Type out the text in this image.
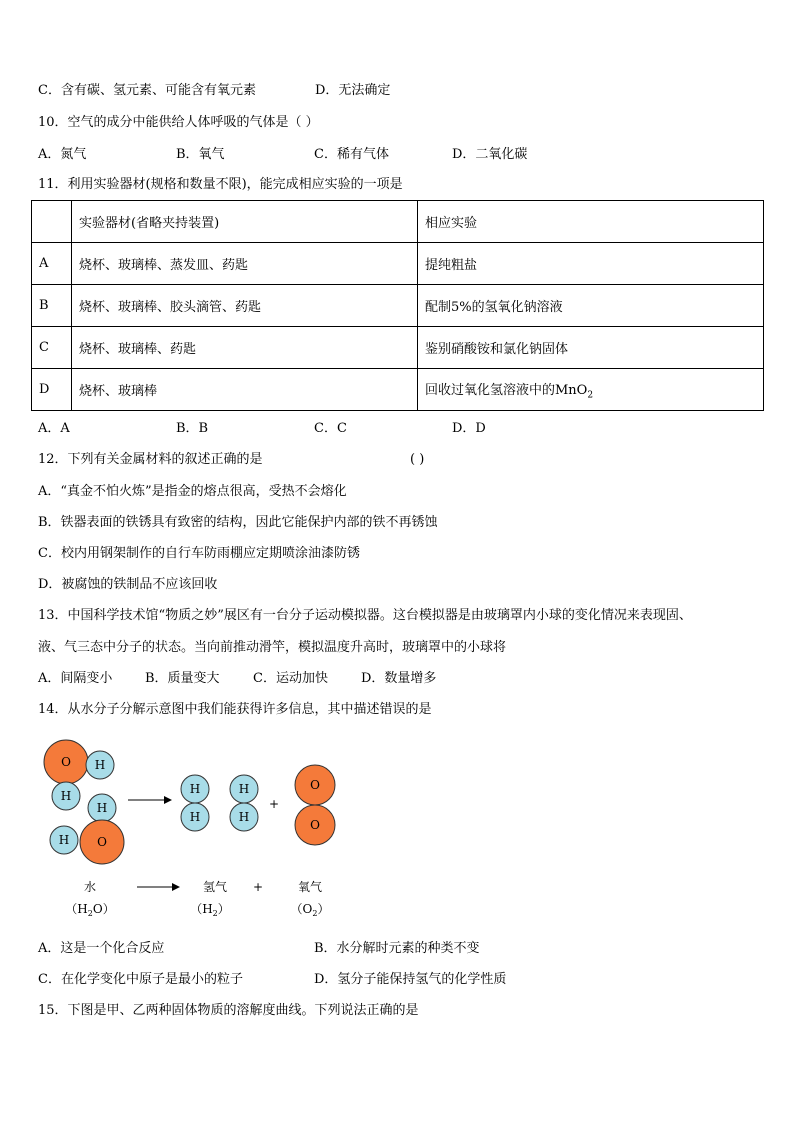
C．含有碳、氢元素、可能含有氧元素	D．无法确定
10．空气的成分中能供给人体呼吸的气体是（ ）
A．氮气	B．氧气	C．稀有气体	D．二氧化碳
11．利用实验器材(规格和数量不限)，能完成相应实验的一项是
	实验器材(省略夹持装置)	相应实验
A	烧杯、玻璃棒、蒸发皿、药匙	提纯粗盐
B	烧杯、玻璃棒、胶头滴管、药匙	配制5%的氢氧化钠溶液
C	烧杯、玻璃棒、药匙	鉴别硝酸铵和氯化钠固体
D	烧杯、玻璃棒	回收过氧化氢溶液中的MnO$_2$
A．A	B．B	C．C	D．D
12．下列有关金属材料的叙述正确的是	( )
A．“真金不怕火炼”是指金的熔点很高，受热不会熔化
B．铁器表面的铁锈具有致密的结构，因此它能保护内部的铁不再锈蚀
C．校内用钢架制作的自行车防雨棚应定期喷涂油漆防锈
D．被腐蚀的铁制品不应该回收
13．中国科学技术馆“物质之妙”展区有一台分子运动模拟器。这台模拟器是由玻璃罩内小球的变化情况来表现固、
液、气三态中分子的状态。当向前推动滑竿，模拟温度升高时，玻璃罩中的小球将
A．间隔变小	B．质量变大	C．运动加快	D．数量增多
14．从水分子分解示意图中我们能获得许多信息，其中描述错误的是
O H
H
H
H O
H
H
H
H
+
O
O
水	氢气 +	氧气
$(H_2O)$	$(H_2)$	$(O_2)$
A．这是一个化合反应	B．水分解时元素的种类不变
C．在化学变化中原子是最小的粒子	D．氢分子能保持氢气的化学性质
15．下图是甲、乙两种固体物质的溶解度曲线。下列说法正确的是
